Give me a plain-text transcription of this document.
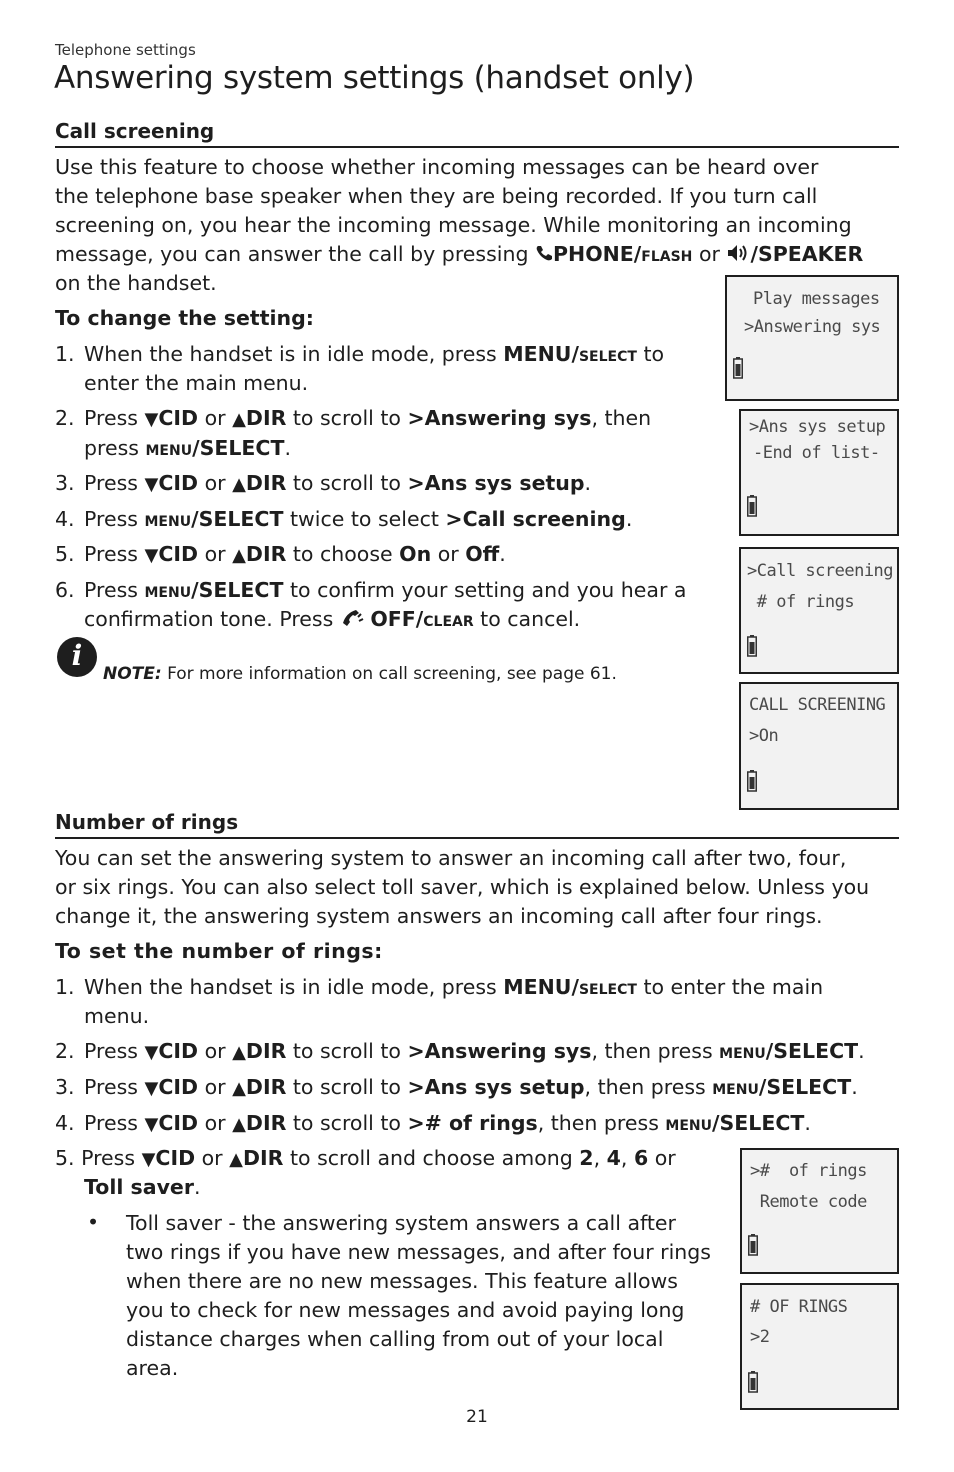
Telephone settings
Answering system settings (handset only)
Call screening
Use this feature to choose whether incoming messages can be heard over
the telephone base speaker when they are being recorded. If you turn call
screening on, you hear the incoming message. While monitoring an incoming
message, you can answer the call by pressing PHONE/flash or /SPEAKER
on the handset.
To change the setting:
1. When the handset is in idle mode, press MENU/select to
enter the main menu.
2. Press ▼CID or ▲DIR to scroll to >Answering sys, then
press menu/SELECT.
3. Press ▼CID or ▲DIR to scroll to >Ans sys setup.
4. Press menu/SELECT twice to select >Call screening.
5. Press ▼CID or ▲DIR to choose On or Off.
6. Press menu/SELECT to confirm your setting and you hear a
confirmation tone. Press OFF/clear to cancel.
i
NOTE: For more information on call screening, see page 61.
Play messages
>Answering sys
>Ans sys setup
-End of list-
>Call screening
# of rings
CALL SCREENING
>On
Number of rings
You can set the answering system to answer an incoming call after two, four,
or six rings. You can also select toll saver, which is explained below. Unless you
change it, the answering system answers an incoming call after four rings.
To set the number of rings:
1. When the handset is in idle mode, press MENU/select to enter the main
menu.
2. Press ▼CID or ▲DIR to scroll to >Answering sys, then press menu/SELECT.
3. Press ▼CID or ▲DIR to scroll to >Ans sys setup, then press menu/SELECT.
4. Press ▼CID or ▲DIR to scroll to ># of rings, then press menu/SELECT.
5. Press ▼CID or ▲DIR to scroll and choose among 2, 4, 6 or
Toll saver.
• Toll saver - the answering system answers a call after
two rings if you have new messages, and after four rings
when there are no new messages. This feature allows
you to check for new messages and avoid paying long
distance charges when calling from out of your local
area.
>#  of rings
Remote code
# OF RINGS
>2
21
